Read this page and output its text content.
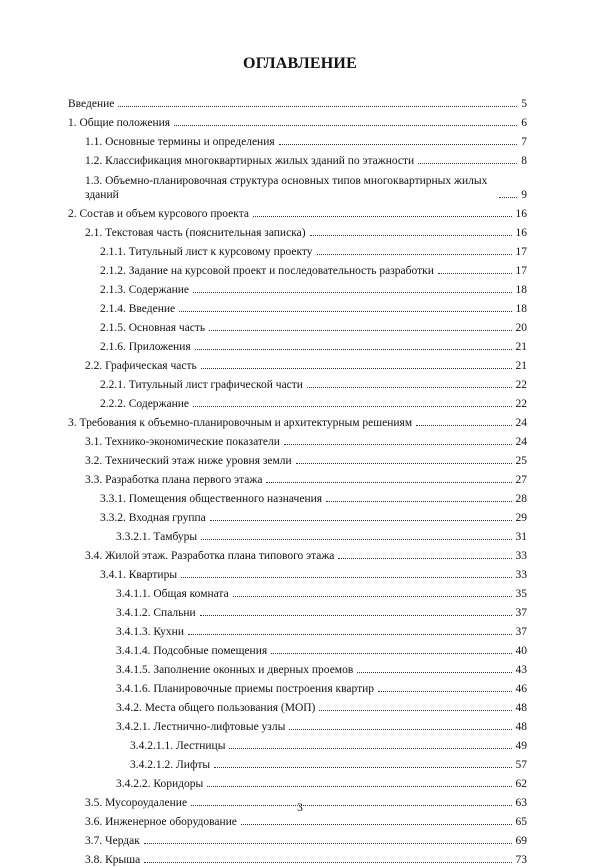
ОГЛАВЛЕНИЕ
Введение	5
1. Общие положения	6
1.1. Основные термины и определения	7
1.2. Классификация многоквартирных жилых зданий по этажности	8
1.3. Объемно-планировочная структура основных типов многоквартирных жилых зданий	9
2. Состав и объем курсового проекта	16
2.1. Текстовая часть (пояснительная записка)	16
2.1.1. Титульный лист к курсовому проекту	17
2.1.2. Задание на курсовой проект и последовательность разработки	17
2.1.3. Содержание	18
2.1.4. Введение	18
2.1.5. Основная часть	20
2.1.6. Приложения	21
2.2. Графическая часть	21
2.2.1. Титульный лист графической части	22
2.2.2. Содержание	22
3. Требования к объемно-планировочным и архитектурным решениям	24
3.1. Технико-экономические показатели	24
3.2. Технический этаж ниже уровня земли	25
3.3. Разработка плана первого этажа	27
3.3.1. Помещения общественного назначения	28
3.3.2. Входная группа	29
3.3.2.1. Тамбуры	31
3.4. Жилой этаж. Разработка плана типового этажа	33
3.4.1. Квартиры	33
3.4.1.1. Общая комната	35
3.4.1.2. Спальни	37
3.4.1.3. Кухни	37
3.4.1.4. Подсобные помещения	40
3.4.1.5. Заполнение оконных и дверных проемов	43
3.4.1.6. Планировочные приемы построения квартир	46
3.4.2. Места общего пользования (МОП)	48
3.4.2.1. Лестнично-лифтовые узлы	48
3.4.2.1.1. Лестницы	49
3.4.2.1.2. Лифты	57
3.4.2.2. Коридоры	62
3.5. Мусороудаление	63
3.6. Инженерное оборудование	65
3.7. Чердак	69
3.8. Крыша	73
3
